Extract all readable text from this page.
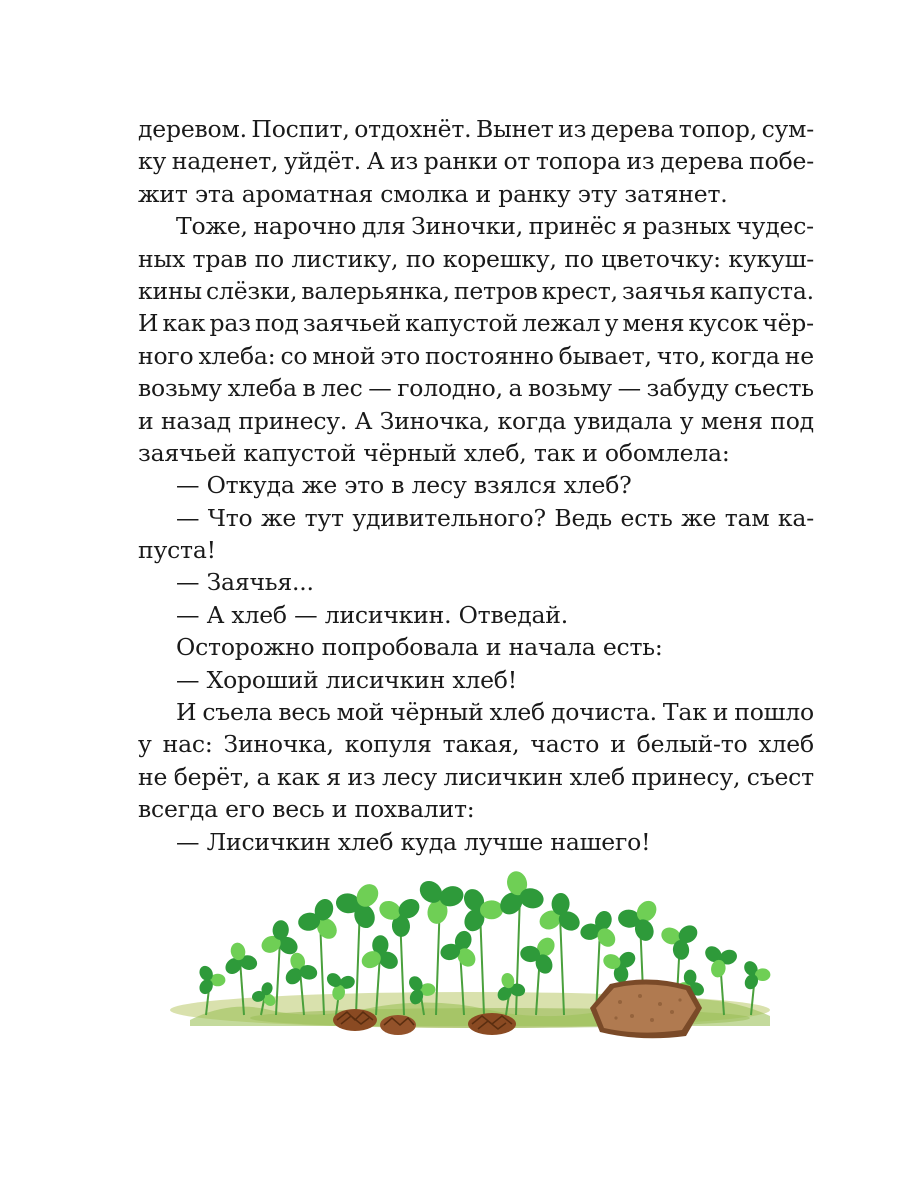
деревом. Поспит, отдохнёт. Вынет из дерева топор, сум-
ку наденет, уйдёт. А из ранки от топора из дерева побе-
жит эта ароматная смолка и ранку эту затянет.
Тоже, нарочно для Зиночки, принёс я разных чудес-
ных трав по листику, по корешку, по цветочку: кукуш-
кины слёзки, валерьянка, петров крест, заячья капуста.
И как раз под заячьей капустой лежал у меня кусок чёр-
ного хлеба: со мной это постоянно бывает, что, когда не
возьму хлеба в лес — голодно, а возьму — забуду съесть
и назад принесу. А Зиночка, когда увидала у меня под
заячьей капустой чёрный хлеб, так и обомлела:
— Откуда же это в лесу взялся хлеб?
— Что же тут удивительного? Ведь есть же там ка-
пуста!
— Заячья...
— А хлеб — лисичкин. Отведай.
Осторожно попробовала и начала есть:
— Хороший лисичкин хлеб!
И съела весь мой чёрный хлеб дочиста. Так и пошло
у нас: Зиночка, копуля такая, часто и белый-то хлеб
не берёт, а как я из лесу лисичкин хлеб принесу, съест
всегда его весь и похвалит:
— Лисичкин хлеб куда лучше нашего!
